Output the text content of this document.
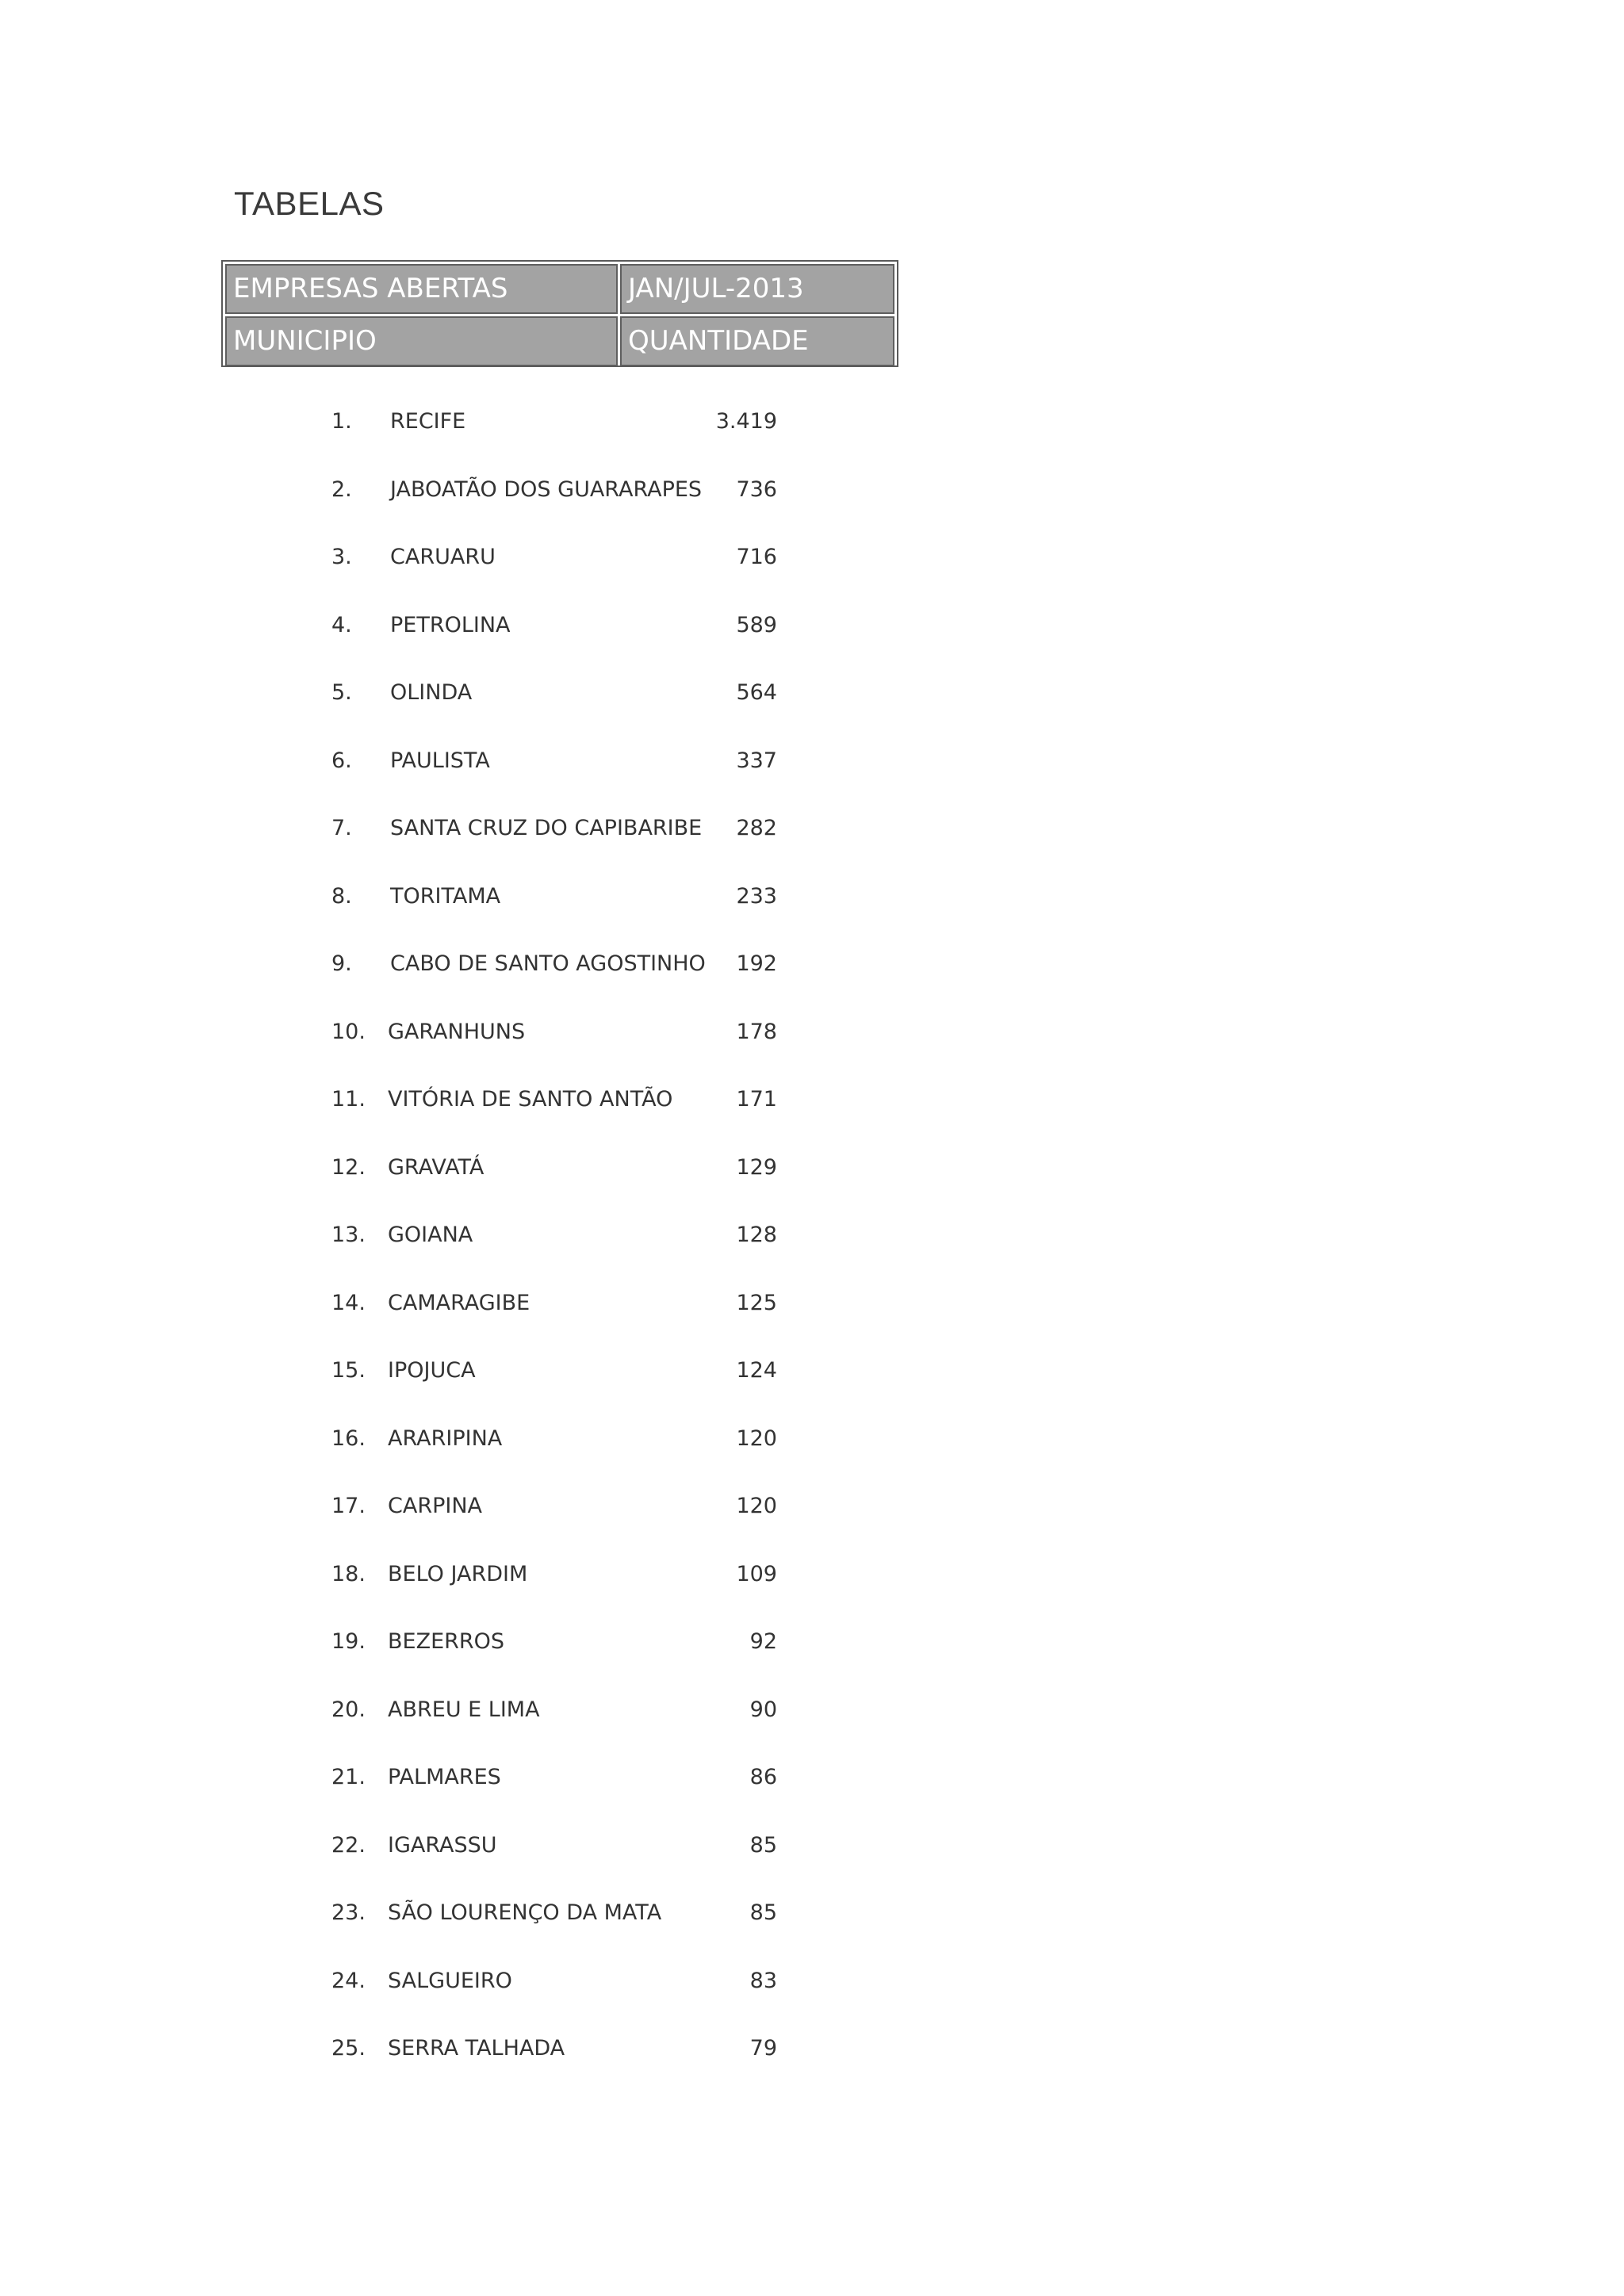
TABELAS
EMPRESAS ABERTAS	JAN/JUL-2013
MUNICIPIO	QUANTIDADE
1. RECIFE	3.419
2. JABOATÃO DOS GUARARAPES 736
3. CARUARU	716
4. PETROLINA	589
5. OLINDA	564
6. PAULISTA	337
7. SANTA CRUZ DO CAPIBARIBE 282
8. TORITAMA	233
9. CABO DE SANTO AGOSTINHO 192
10. GARANHUNS	178
11. VITÓRIA DE SANTO ANTÃO	171
12. GRAVATÁ	129
13. GOIANA	128
14. CAMARAGIBE	125
15. IPOJUCA	124
16. ARARIPINA	120
17. CARPINA	120
18. BELO JARDIM	109
19. BEZERROS	92
20. ABREU E LIMA	90
21. PALMARES	86
22. IGARASSU	85
23. SÃO LOURENÇO DA MATA	85
24. SALGUEIRO	83
25. SERRA TALHADA	79
